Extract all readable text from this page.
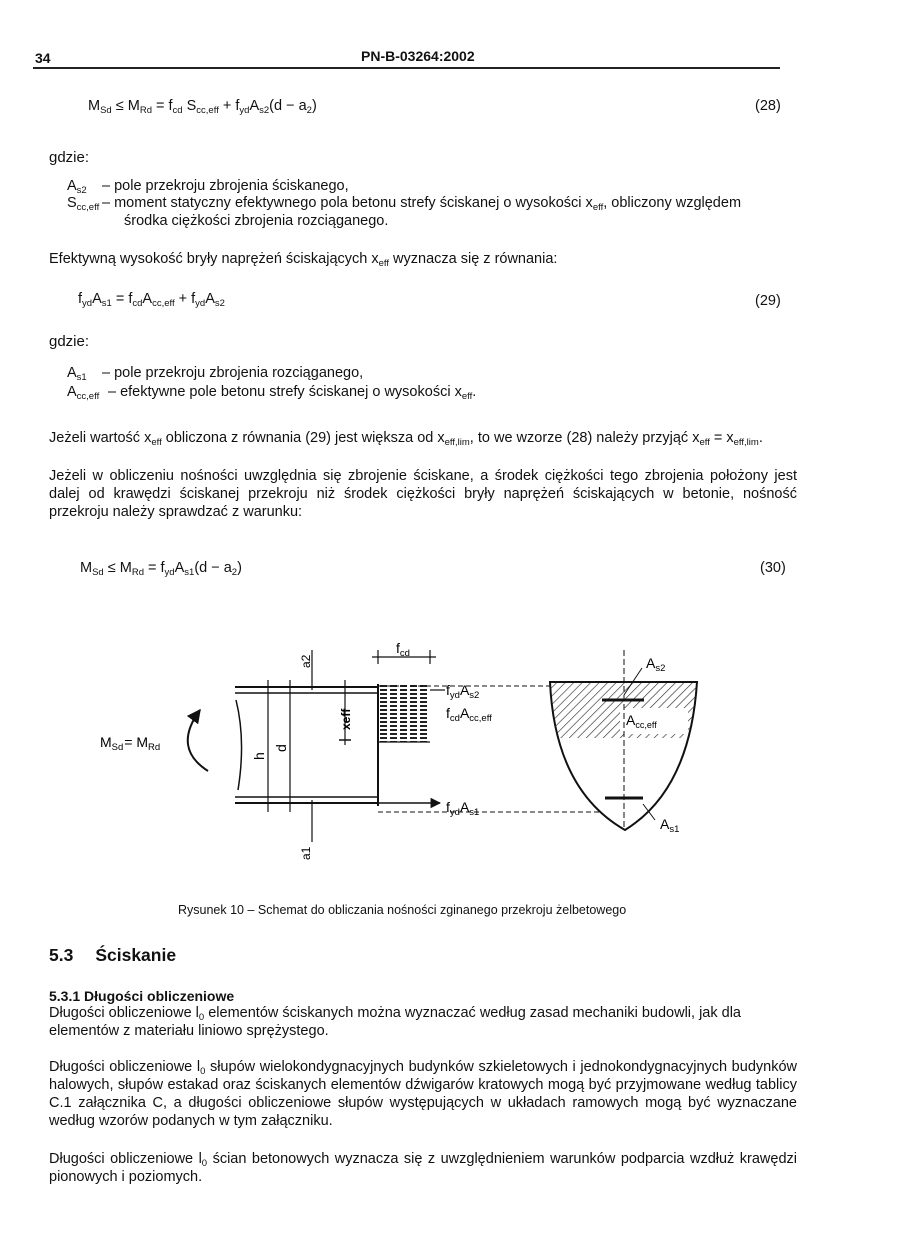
34	PN-B-03264:2002
$M_{Sd} \le M_{Rd} = f_{cd}$ $S_{cc,eff} + f_{yd}A_{s2}(d - a_2)$	(28)
gdzie:
$A_{s2}$ – pole przekroju zbrojenia ściskanego,
$S_{cc,eff}$ – moment statyczny efektywnego pola betonu strefy ściskanej o wysokości $x_{eff}$, obliczony względem
środka ciężkości zbrojenia rozciąganego.
Efektywną wysokość bryły naprężeń ściskających $x_{eff}$ wyznacza się z równania:
$f_{yd}A_{s1} = f_{cd}A_{cc,eff} + f_{yd}A_{s2}$	(29)
gdzie:
$A_{s1}$ – pole przekroju zbrojenia rozciąganego,
$A_{cc,eff}$ – efektywne pole betonu strefy ściskanej o wysokości $x_{eff}$.
Jeżeli wartość $x_{eff}$ obliczona z równania (29) jest większa od $x_{eff,lim}$, to we wzorze (28) należy przyjąć $x_{eff} = x_{eff,lim}$.
Jeżeli w obliczeniu nośności uwzględnia się zbrojenie ściskane, a środek ciężkości tego zbrojenia położony jest dalej od krawędzi ściskanej przekroju niż środek ciężkości bryły naprężeń ściskających w betonie, nośność przekroju należy sprawdzać z warunku:
$M_{Sd} \le M_{Rd} = f_{yd}A_{s1}(d - a_2)$	(30)
$M_{Sd}= M_{Rd}$
h
d
a2
a1
xeff
$f_{cd}$
$f_{yd}A_{s2}$
$f_{cd}A_{cc,eff}$
$f_{yd}A_{s1}$
$A_{s2}$
$A_{s1}$
$A_{cc,eff}$
Rysunek 10 – Schemat do obliczania nośności zginanego przekroju żelbetowego
5.3 Ściskanie
5.3.1 Długości obliczeniowe
Długości obliczeniowe $l_0$ elementów ściskanych można wyznaczać według zasad mechaniki budowli, jak dla elementów z materiału liniowo sprężystego.
Długości obliczeniowe $l_0$ słupów wielokondygnacyjnych budynków szkieletowych i jednokondygnacyjnych budynków halowych, słupów estakad oraz ściskanych elementów dźwigarów kratowych mogą być przyjmowane według tablicy C.1 załącznika C, a długości obliczeniowe słupów występujących w układach ramowych mogą być wyznaczane według wzorów podanych w tym załączniku.
Długości obliczeniowe $l_0$ ścian betonowych wyznacza się z uwzględnieniem warunków podparcia wzdłuż krawędzi pionowych i poziomych.
